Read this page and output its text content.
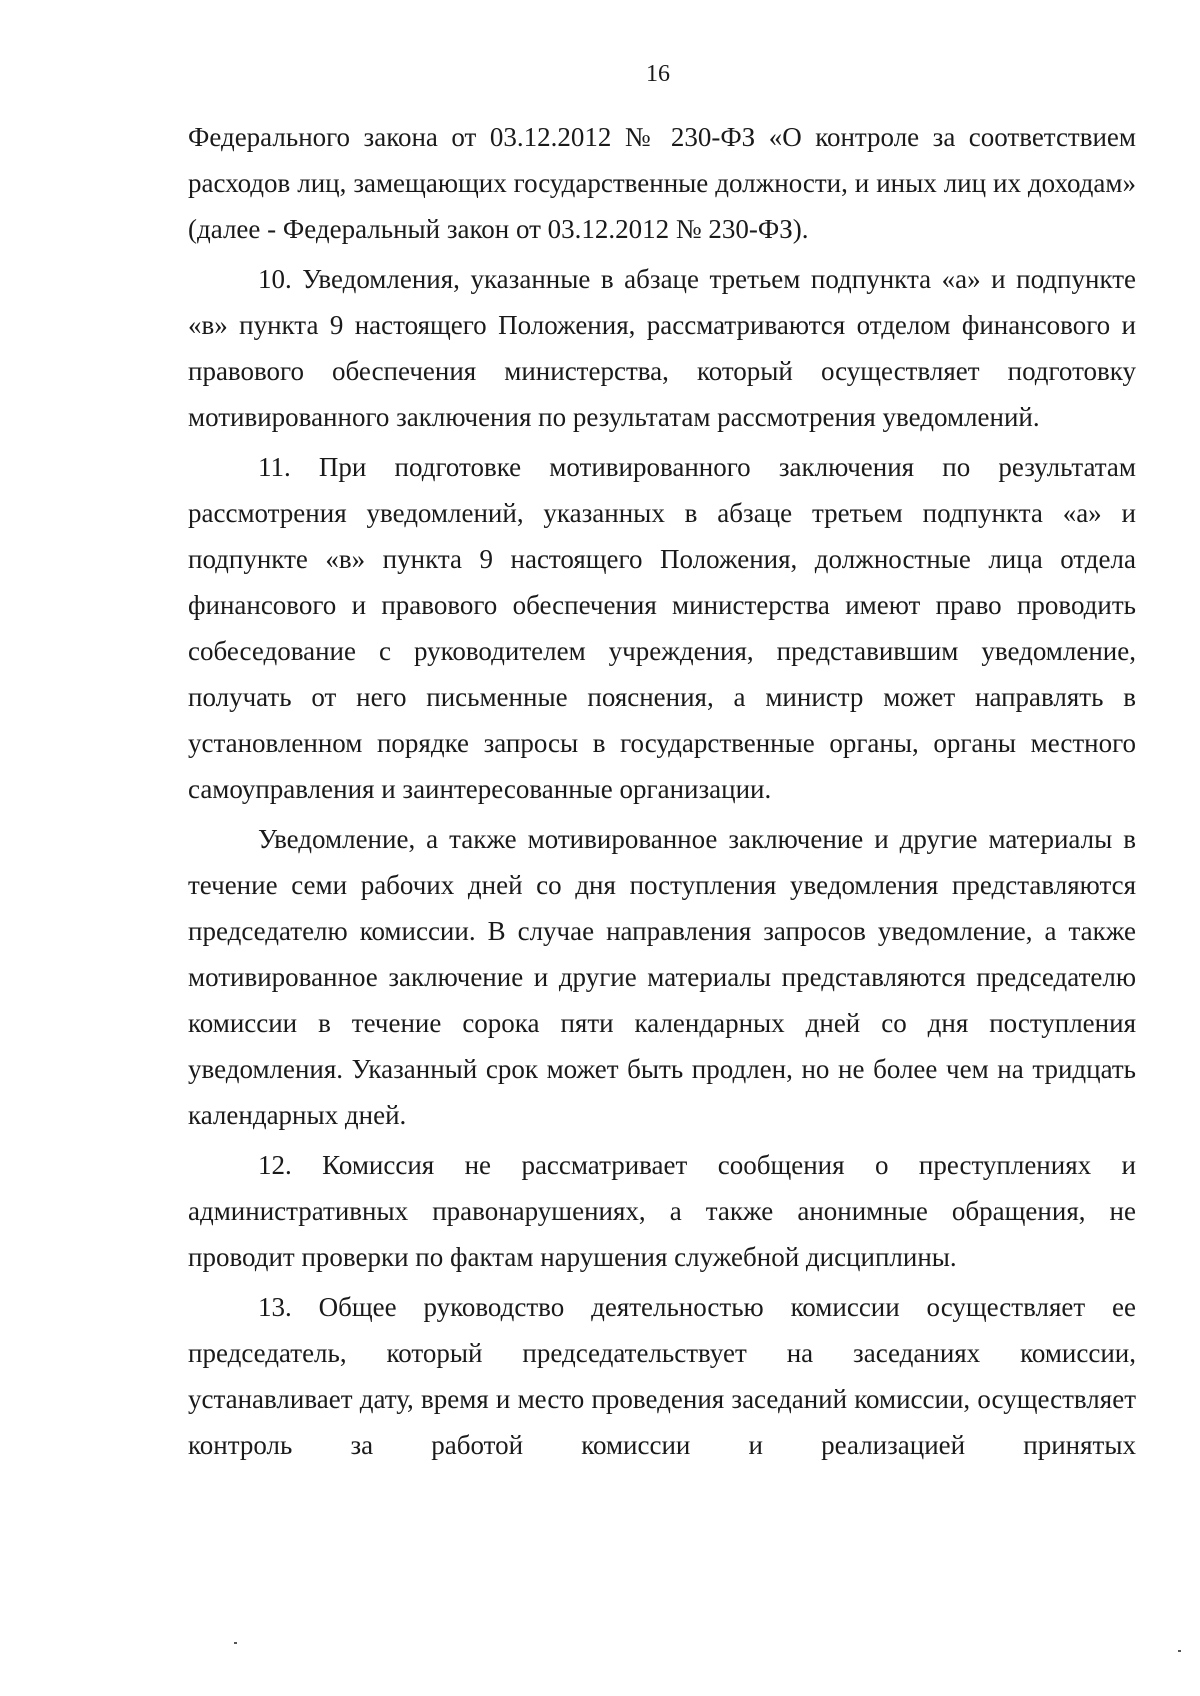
16

Федерального закона от 03.12.2012 № 230-ФЗ «О контроле за соответствием расходов лиц, замещающих государственные должности, и иных лиц их доходам» (далее - Федеральный закон от 03.12.2012 № 230-ФЗ).

10. Уведомления, указанные в абзаце третьем подпункта «а» и подпункте «в» пункта 9 настоящего Положения, рассматриваются отделом финансового и правового обеспечения министерства, который осуществляет подготовку мотивированного заключения по результатам рассмотрения уведомлений.

11. При подготовке мотивированного заключения по результатам рассмотрения уведомлений, указанных в абзаце третьем подпункта «а» и подпункте «в» пункта 9 настоящего Положения, должностные лица отдела финансового и правового обеспечения министерства имеют право проводить собеседование с руководителем учреждения, представившим уведомление, получать от него письменные пояснения, а министр может направлять в установленном порядке запросы в государственные органы, органы местного самоуправления и заинтересованные организации.

Уведомление, а также мотивированное заключение и другие материалы в течение семи рабочих дней со дня поступления уведомления представляются председателю комиссии. В случае направления запросов уведомление, а также мотивированное заключение и другие материалы представляются председателю комиссии в течение сорока пяти календарных дней со дня поступления уведомления. Указанный срок может быть продлен, но не более чем на тридцать календарных дней.

12. Комиссия не рассматривает сообщения о преступлениях и административных правонарушениях, а также анонимные обращения, не проводит проверки по фактам нарушения служебной дисциплины.

13. Общее руководство деятельностью комиссии осуществляет ее председатель, который председательствует на заседаниях комиссии, устанавливает дату, время и место проведения заседаний комиссии, осуществляет контроль за работой комиссии и реализацией принятых
